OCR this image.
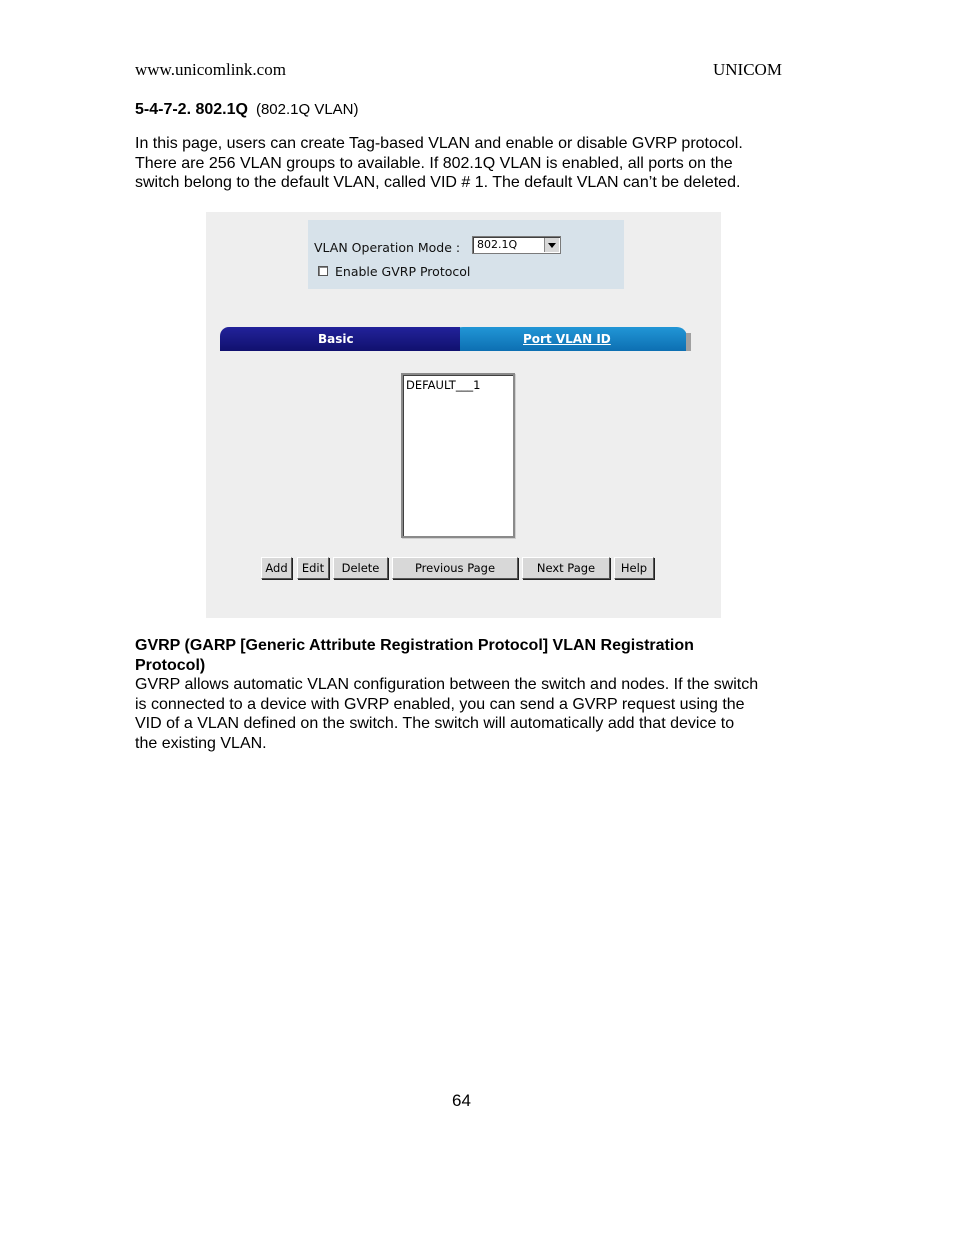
www.unicomlink.com	UNICOM
5-4-7-2. 802.1Q (802.1Q VLAN)

In this page, users can create Tag-based VLAN and enable or disable GVRP protocol.

There are 256 VLAN groups to available. If 802.1Q VLAN is enabled, all ports on the

switch belong to the default VLAN, called VID # 1. The default VLAN can’t be deleted.

VLAN Operation Mode : 802.1Q
Enable GVRP Protocol
Port VLAN ID
Basic
DEFAULT___1
Add	Edit	Delete	Previous Page	Next Page	Help

GVRP (GARP [Generic Attribute Registration Protocol] VLAN Registration

Protocol)

GVRP allows automatic VLAN configuration between the switch and nodes. If the switch

is connected to a device with GVRP enabled, you can send a GVRP request using the

VID of a VLAN defined on the switch. The switch will automatically add that device to

the existing VLAN.

64
